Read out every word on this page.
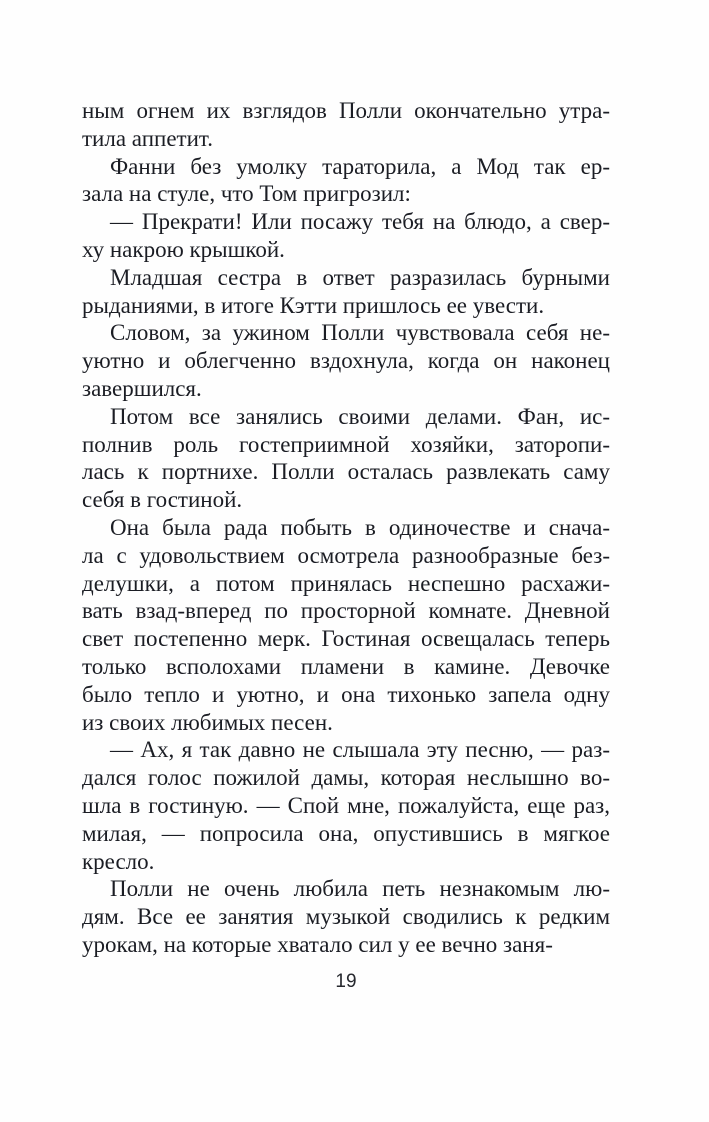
ным огнем их взглядов Полли окончательно утра-
тила аппетит.
Фанни без умолку тараторила, а Мод так ер-
зала на стуле, что Том пригрозил:
— Прекрати! Или посажу тебя на блюдо, а свер-
ху накрою крышкой.
Младшая сестра в ответ разразилась бурными
рыданиями, в итоге Кэтти пришлось ее увести.
Словом, за ужином Полли чувствовала себя не-
уютно и облегченно вздохнула, когда он наконец
завершился.
Потом все занялись своими делами. Фан, ис-
полнив роль гостеприимной хозяйки, заторопи-
лась к портнихе. Полли осталась развлекать саму
себя в гостиной.
Она была рада побыть в одиночестве и снача-
ла с удовольствием осмотрела разнообразные без-
делушки, а потом принялась неспешно расхажи-
вать взад-вперед по просторной комнате. Дневной
свет постепенно мерк. Гостиная освещалась теперь
только всполохами пламени в камине. Девочке
было тепло и уютно, и она тихонько запела одну
из своих любимых песен.
— Ах, я так давно не слышала эту песню, — раз-
дался голос пожилой дамы, которая неслышно во-
шла в гостиную. — Спой мне, пожалуйста, еще раз,
милая, — попросила она, опустившись в мягкое
кресло.
Полли не очень любила петь незнакомым лю-
дям. Все ее занятия музыкой сводились к редким
урокам, на которые хватало сил у ее вечно заня-
19
